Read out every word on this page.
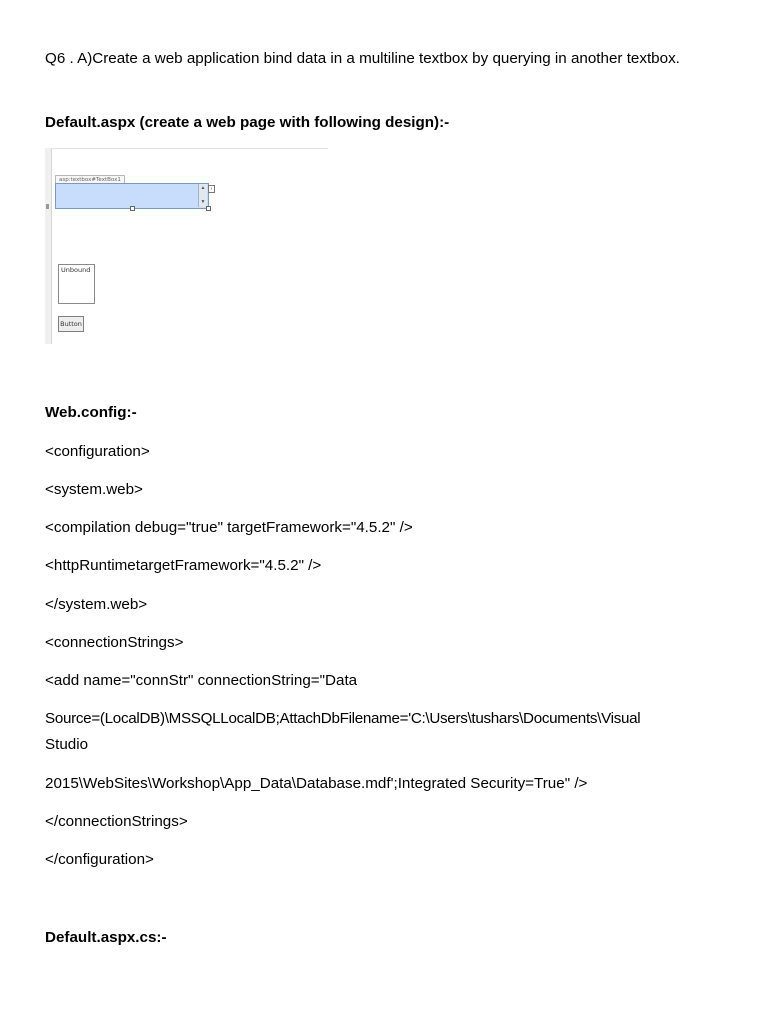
Q6 . A)Create a web application bind data in a multiline textbox by querying in another textbox.
Default.aspx (create a web page with following design):-
asp:textbox#TextBox1
▲
▼
›
Unbound
Button
Web.config:-
<configuration>
<system.web>
<compilation debug="true" targetFramework="4.5.2" />
<httpRuntimetargetFramework="4.5.2" />
</system.web>
<connectionStrings>
<add name="connStr" connectionString="Data
Source=(LocalDB)\MSSQLLocalDB;AttachDbFilename='C:\Users\tushars\Documents\Visual
Studio
2015\WebSites\Workshop\App_Data\Database.mdf';Integrated Security=True" />
</connectionStrings>
</configuration>
Default.aspx.cs:-
